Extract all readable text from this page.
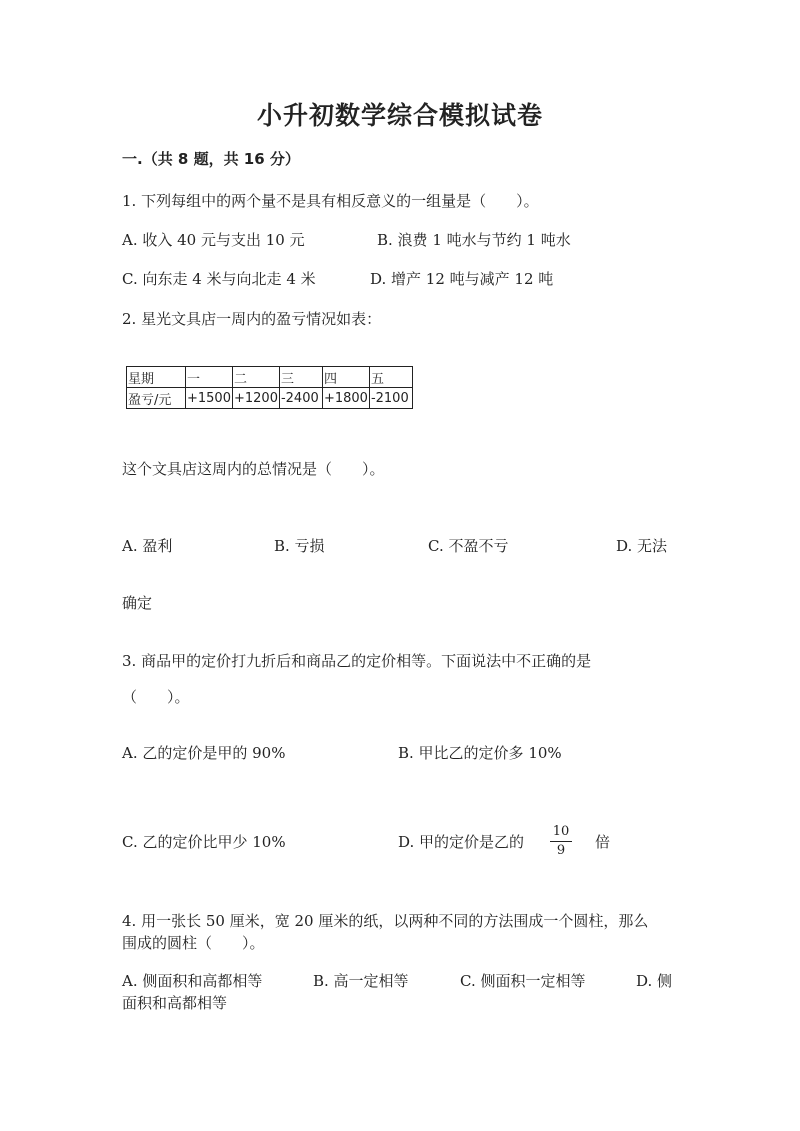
小升初数学综合模拟试卷
一.（共 8 题，共 16 分）
1. 下列每组中的两个量不是具有相反意义的一组量是（　　）。
A. 收入 40 元与支出 10 元	B. 浪费 1 吨水与节约 1 吨水
C. 向东走 4 米与向北走 4 米	D. 增产 12 吨与减产 12 吨
2. 星光文具店一周内的盈亏情况如表：
星期	一	二	三	四	五
盈亏/元	+1500	+1200	-2400	+1800	-2100
这个文具店这周内的总情况是（　　）。
A. 盈利	B. 亏损	C. 不盈不亏	D. 无法
确定
3. 商品甲的定价打九折后和商品乙的定价相等。下面说法中不正确的是
（　　）。
A. 乙的定价是甲的 90%	B. 甲比乙的定价多 10%
C. 乙的定价比甲少 10%	D. 甲的定价是乙的
10
9	倍
4. 用一张长 50 厘米，宽 20 厘米的纸，以两种不同的方法围成一个圆柱，那么
围成的圆柱（　　）。
A. 侧面积和高都相等	B. 高一定相等	C. 侧面积一定相等	D. 侧
面积和高都相等
